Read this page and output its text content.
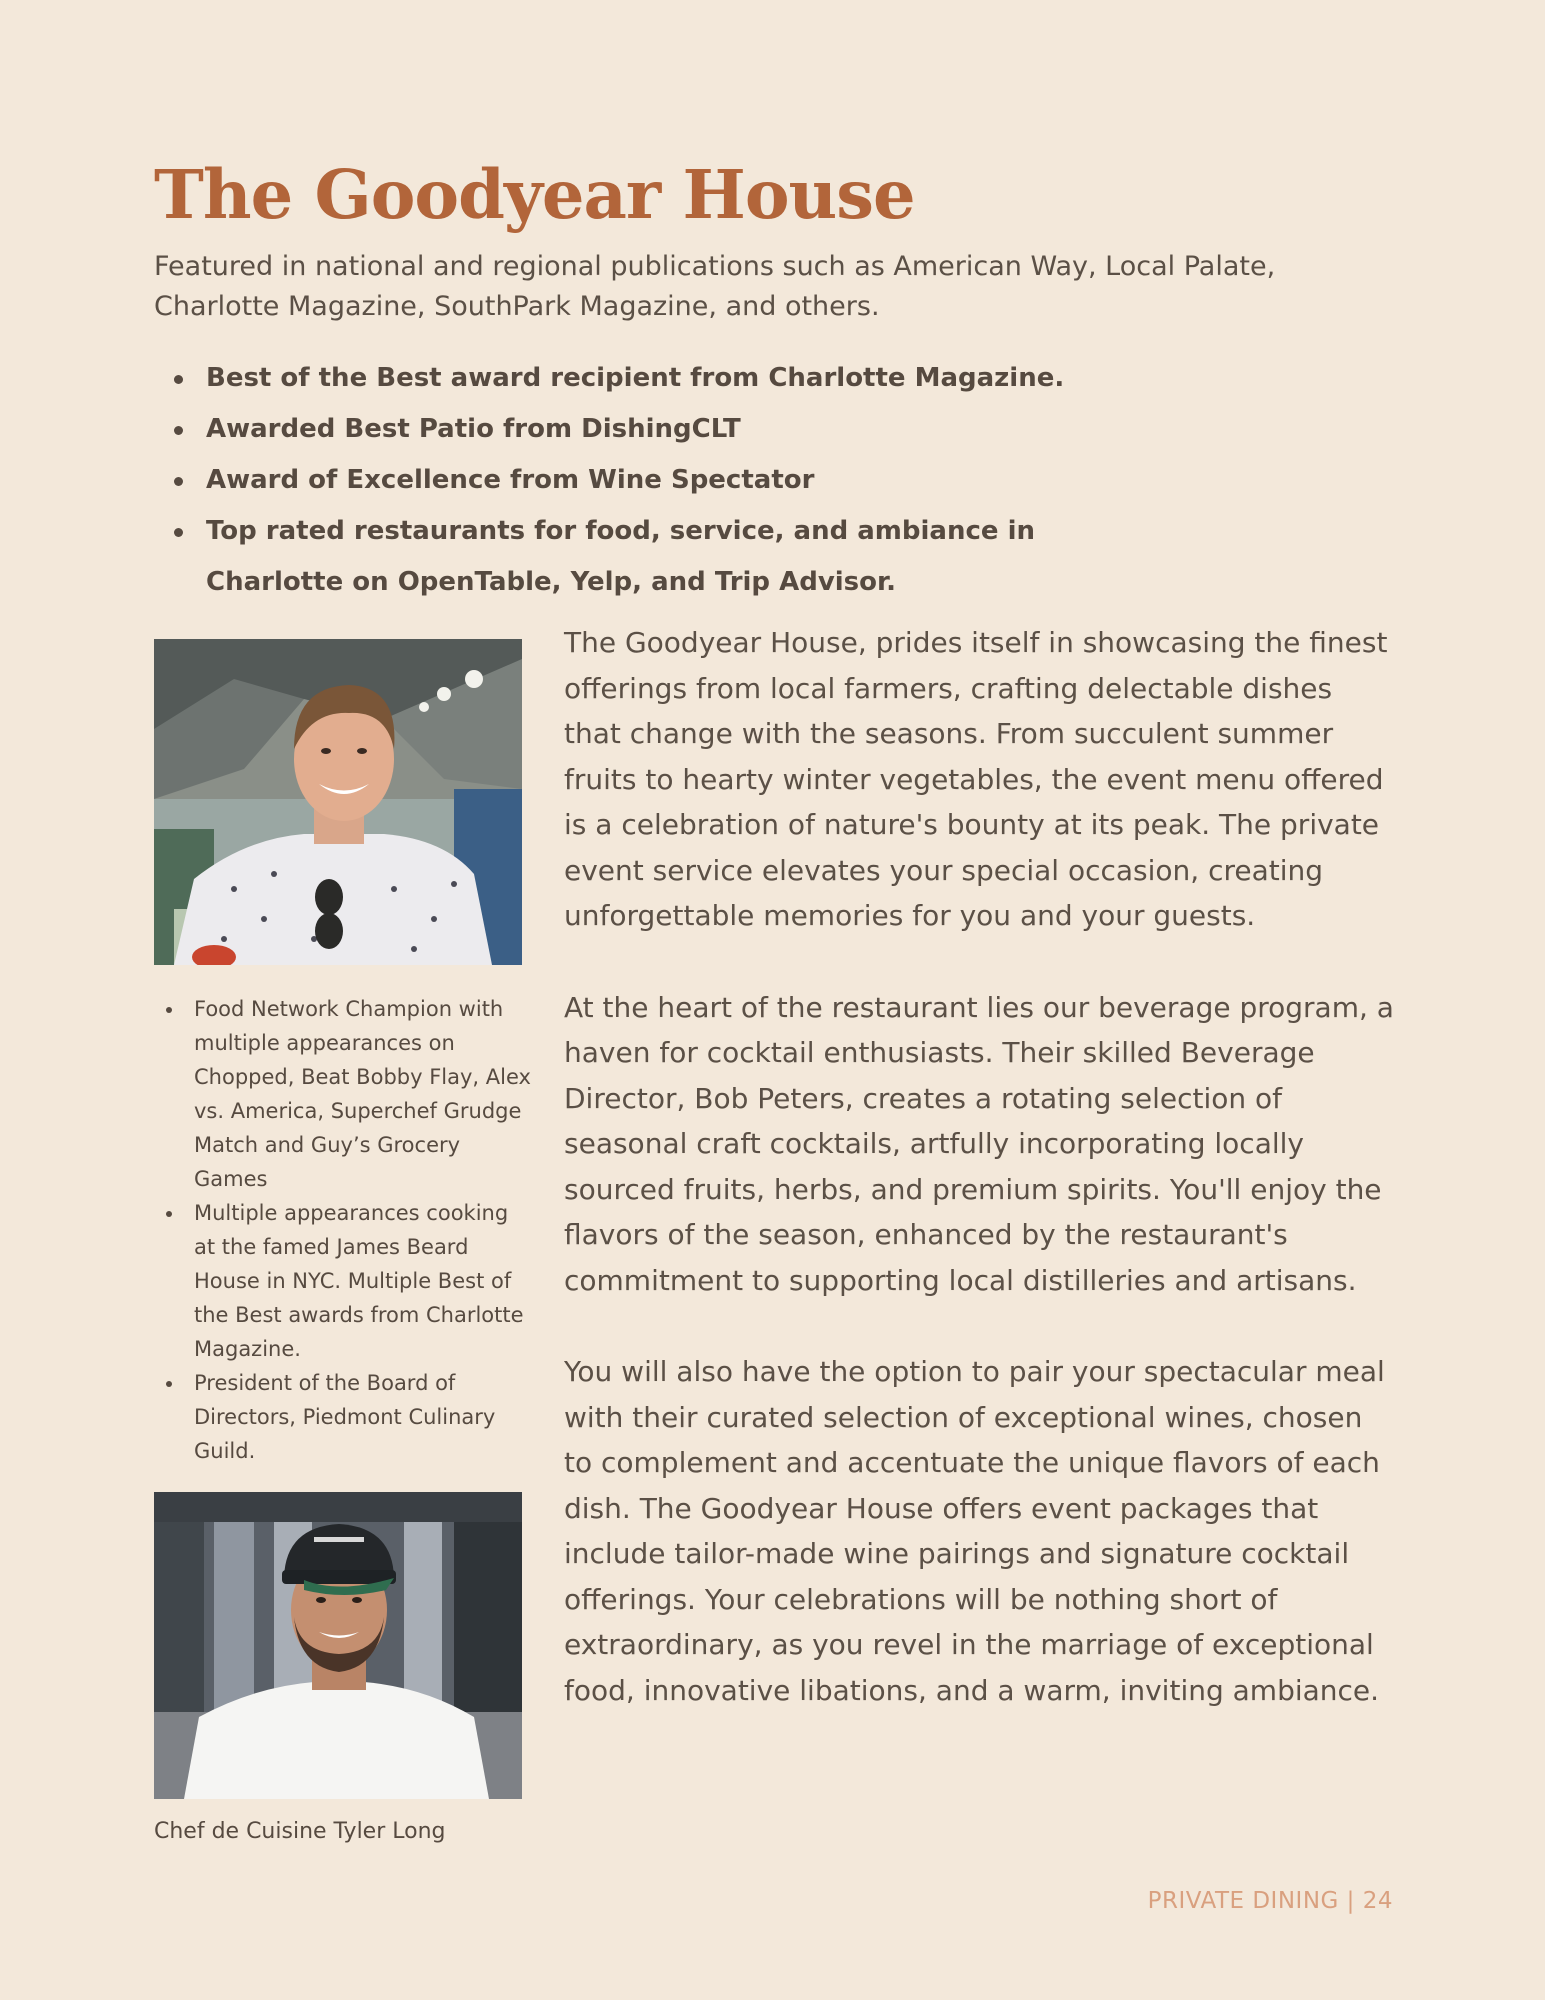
The Goodyear House

Featured in national and regional publications such as American Way, Local Palate, Charlotte Magazine, SouthPark Magazine, and others.

Best of the Best award recipient from Charlotte Magazine.
Awarded Best Patio from DishingCLT
Award of Excellence from Wine Spectator
Top rated restaurants for food, service, and ambiance in Charlotte on OpenTable, Yelp, and Trip Advisor.
Food Network Champion with multiple appearances on Chopped, Beat Bobby Flay, Alex vs. America, Superchef Grudge Match and Guy’s Grocery Games
Multiple appearances cooking at the famed James Beard House in NYC. Multiple Best of the Best awards from Charlotte Magazine.
President of the Board of Directors, Piedmont Culinary Guild.

Chef de Cuisine Tyler Long

The Goodyear House, prides itself in showcasing the finest offerings from local farmers, crafting delectable dishes that change with the seasons. From succulent summer fruits to hearty winter vegetables, the event menu offered is a celebration of nature's bounty at its peak. The private event service elevates your special occasion, creating unforgettable memories for you and your guests.

At the heart of the restaurant lies our beverage program, a haven for cocktail enthusiasts. Their skilled Beverage Director, Bob Peters, creates a rotating selection of seasonal craft cocktails, artfully incorporating locally sourced fruits, herbs, and premium spirits. You'll enjoy the flavors of the season, enhanced by the restaurant's commitment to supporting local distilleries and artisans.

You will also have the option to pair your spectacular meal with their curated selection of exceptional wines, chosen to complement and accentuate the unique flavors of each dish. The Goodyear House offers event packages that include tailor-made wine pairings and signature cocktail offerings. Your celebrations will be nothing short of extraordinary, as you revel in the marriage of exceptional food, innovative libations, and a warm, inviting ambiance.

PRIVATE DINING | 24
